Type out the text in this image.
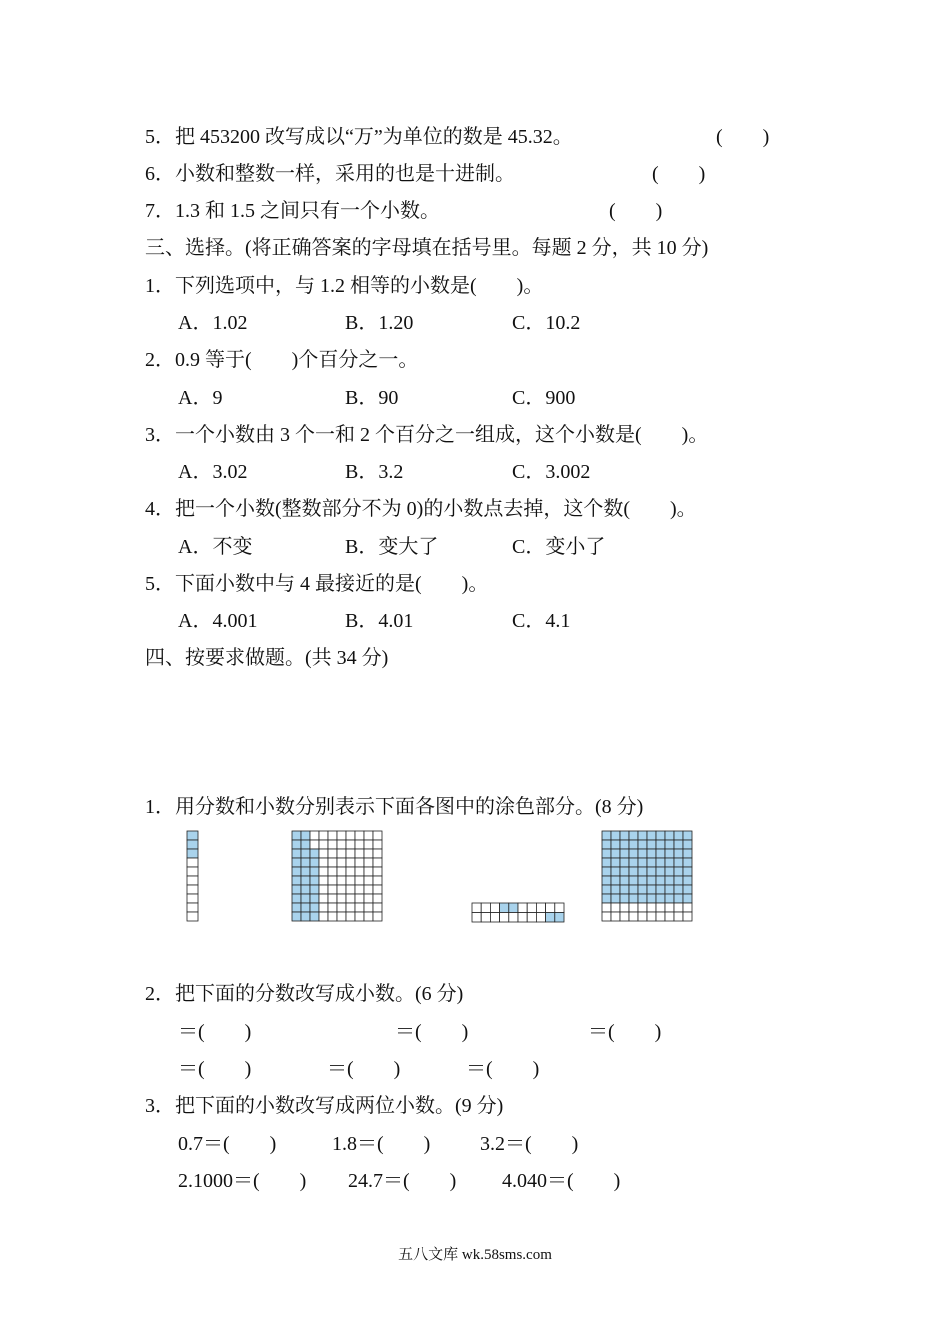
5．把 453200 改写成以“万”为单位的数是 45.32。	(　　)
6．小数和整数一样，采用的也是十进制。	(　　)
7．1.3 和 1.5 之间只有一个小数。	(　　)
三、选择。(将正确答案的字母填在括号里。每题 2 分，共 10 分)
1．下列选项中，与 1.2 相等的小数是(　　)。
A．1.02	B．1.20	C．10.2
2．0.9 等于(　　)个百分之一。
A．9	B．90	C．900
3．一个小数由 3 个一和 2 个百分之一组成，这个小数是(　　)。
A．3.02	B．3.2	C．3.002
4．把一个小数(整数部分不为 0)的小数点去掉，这个数(　　)。
A．不变	B．变大了	C．变小了
5．下面小数中与 4 最接近的是(　　)。
A．4.001	B．4.01	C．4.1
四、按要求做题。(共 34 分)
1．用分数和小数分别表示下面各图中的涂色部分。(8 分)
2．把下面的分数改写成小数。(6 分)
＝(　　)	＝(　　)	＝(　　)
＝(　　)	＝(　　)	＝(　　)
3．把下面的小数改写成两位小数。(9 分)
0.7＝(　　)	1.8＝(　　) 3.2＝(　　)
2.1000＝(　　) 24.7＝(　　) 4.040＝(　　)
五八文库 wk.58sms.com
